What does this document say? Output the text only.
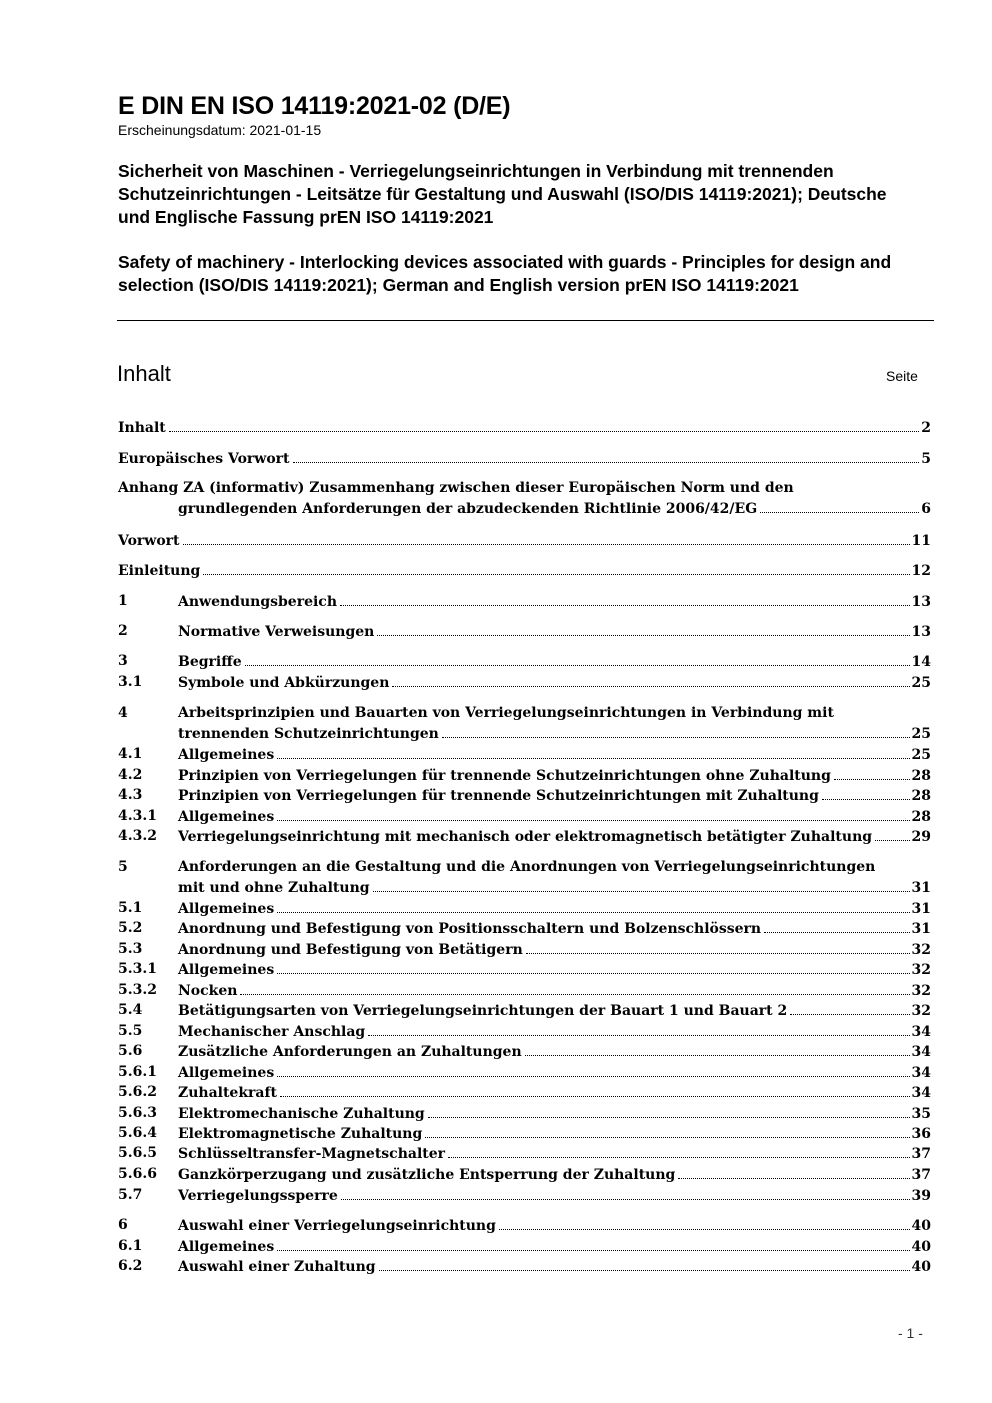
E DIN EN ISO 14119:2021-02 (D/E)
Erscheinungsdatum: 2021-01-15

Sicherheit von Maschinen - Verriegelungseinrichtungen in Verbindung mit trennenden Schutzeinrichtungen - Leitsätze für Gestaltung und Auswahl (ISO/DIS 14119:2021); Deutsche und Englische Fassung prEN ISO 14119:2021

Safety of machinery - Interlocking devices associated with guards - Principles for design and selection (ISO/DIS 14119:2021); German and English version prEN ISO 14119:2021

Inhalt	Seite
Inhalt	2
Europäisches Vorwort	5
Anhang ZA (informativ) Zusammenhang zwischen dieser Europäischen Norm und den
grundlegenden Anforderungen der abzudeckenden Richtlinie 2006/42/EG	6
Vorwort	11
Einleitung	12
1	Anwendungsbereich	13
2	Normative Verweisungen	13
3	Begriffe	14
3.1	Symbole und Abkürzungen	25
4	Arbeitsprinzipien und Bauarten von Verriegelungseinrichtungen in Verbindung mit
trennenden Schutzeinrichtungen	25
4.1	Allgemeines	25
4.2	Prinzipien von Verriegelungen für trennende Schutzeinrichtungen ohne Zuhaltung	28
4.3	Prinzipien von Verriegelungen für trennende Schutzeinrichtungen mit Zuhaltung	28
4.3.1 Allgemeines	28
4.3.2 Verriegelungseinrichtung mit mechanisch oder elektromagnetisch betätigter Zuhaltung	29
5	Anforderungen an die Gestaltung und die Anordnungen von Verriegelungseinrichtungen
mit und ohne Zuhaltung	31
5.1	Allgemeines	31
5.2	Anordnung und Befestigung von Positionsschaltern und Bolzenschlössern	31
5.3	Anordnung und Befestigung von Betätigern	32
5.3.1 Allgemeines	32
5.3.2 Nocken	32
5.4	Betätigungsarten von Verriegelungseinrichtungen der Bauart 1 und Bauart 2	32
5.5	Mechanischer Anschlag	34
5.6	Zusätzliche Anforderungen an Zuhaltungen	34
5.6.1 Allgemeines	34
5.6.2 Zuhaltekraft	34
5.6.3 Elektromechanische Zuhaltung	35
5.6.4 Elektromagnetische Zuhaltung	36
5.6.5 Schlüsseltransfer-Magnetschalter	37
5.6.6 Ganzkörperzugang und zusätzliche Entsperrung der Zuhaltung	37
5.7	Verriegelungssperre	39
6	Auswahl einer Verriegelungseinrichtung	40
6.1	Allgemeines	40
6.2	Auswahl einer Zuhaltung	40
- 1 -
